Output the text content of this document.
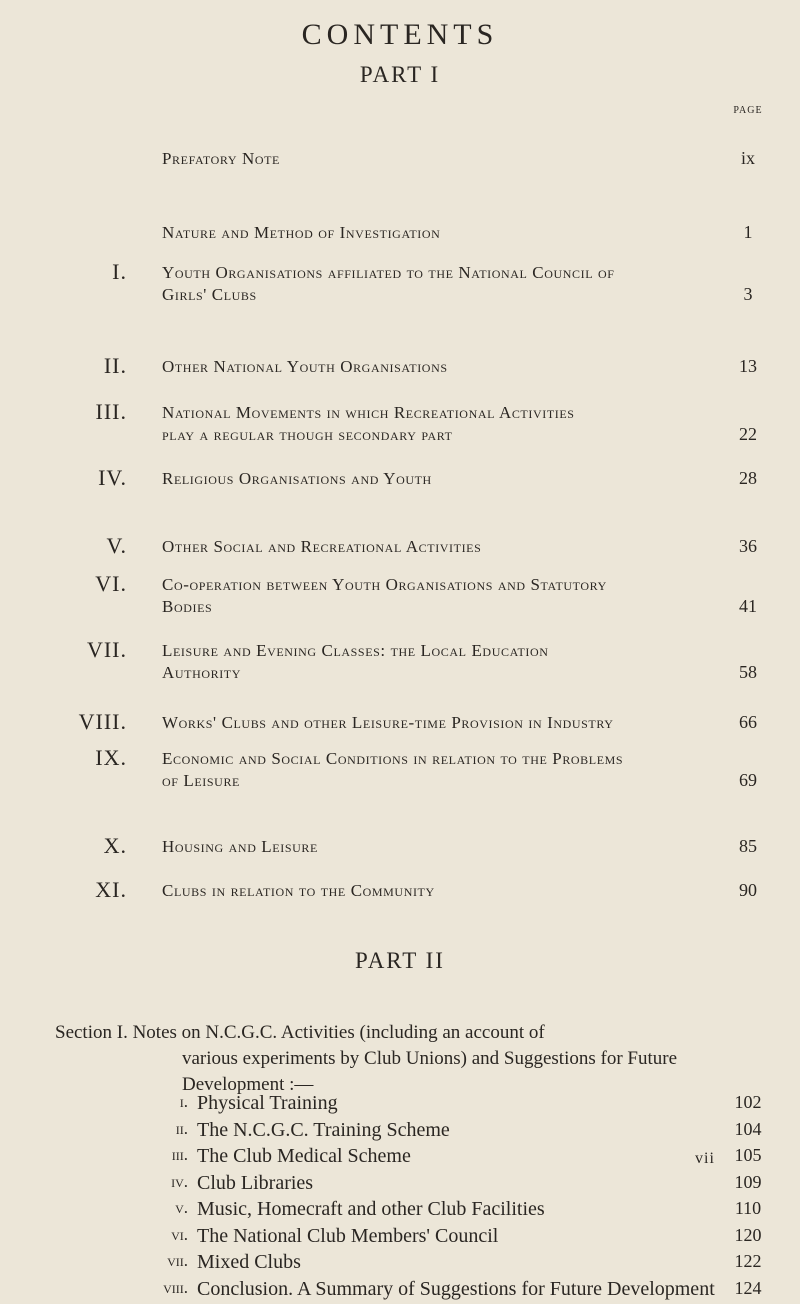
CONTENTS
PART I
PAGE
Prefatory Note	ix
Nature and Method of Investigation	1
I. Youth Organisations affiliated to the National Council of
Girls' Clubs	3
II. Other National Youth Organisations	13
III. National Movements in which Recreational Activities
play a regular though secondary part	22
IV. Religious Organisations and Youth	28
V. Other Social and Recreational Activities	36
VI. Co-operation between Youth Organisations and Statutory
Bodies	41
VII. Leisure and Evening Classes: the Local Education
Authority	58
VIII. Works' Clubs and other Leisure-time Provision in Industry	66
IX. Economic and Social Conditions in relation to the Problems
of Leisure	69
X. Housing and Leisure	85
XI. Clubs in relation to the Community	90
PART II
Section I. Notes on N.C.G.C. Activities (including an account of
various experiments by Club Unions) and Suggestions for Future
Development :—
i. Physical Training	102
ii. The N.C.G.C. Training Scheme	104
iii. The Club Medical Scheme	105
iv. Club Libraries	109
v. Music, Homecraft and other Club Facilities	110
vi. The National Club Members' Council	120
vii. Mixed Clubs	122
viii. Conclusion. A Summary of Suggestions for Future Development	124
vii
